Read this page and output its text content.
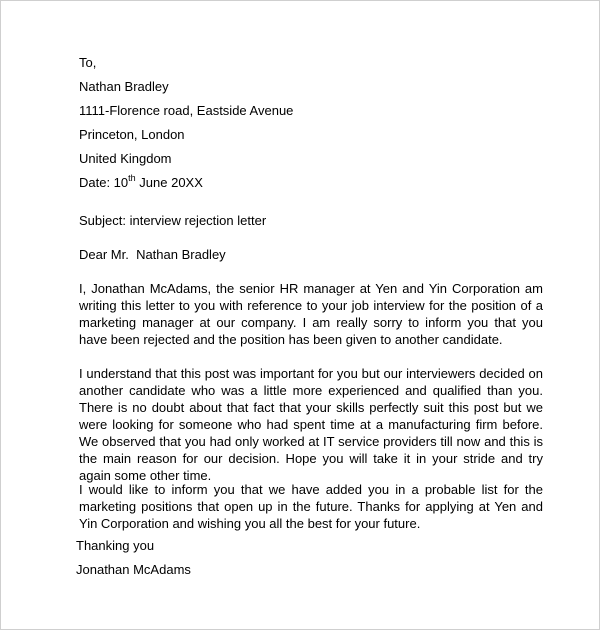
To,

Nathan Bradley

1111-Florence road, Eastside Avenue

Princeton, London

United Kingdom

Date: 10th June 20XX

Subject: interview rejection letter
Dear Mr.  Nathan Bradley

I, Jonathan McAdams, the senior HR manager at Yen and Yin Corporation am writing this letter to you with reference to your job interview for the position of a marketing manager at our company. I am really sorry to inform you that you have been rejected and the position has been given to another candidate.

I understand that this post was important for you but our interviewers decided on another candidate who was a little more experienced and qualified than you. There is no doubt about that fact that your skills perfectly suit this post but we were looking for someone who had spent time at a manufacturing firm before. We observed that you had only worked at IT service providers till now and this is the main reason for our decision. Hope you will take it in your stride and try again some other time.

I would like to inform you that we have added you in a probable list for the marketing positions that open up in the future. Thanks for applying at Yen and Yin Corporation and wishing you all the best for your future.

Thanking you
Jonathan McAdams
